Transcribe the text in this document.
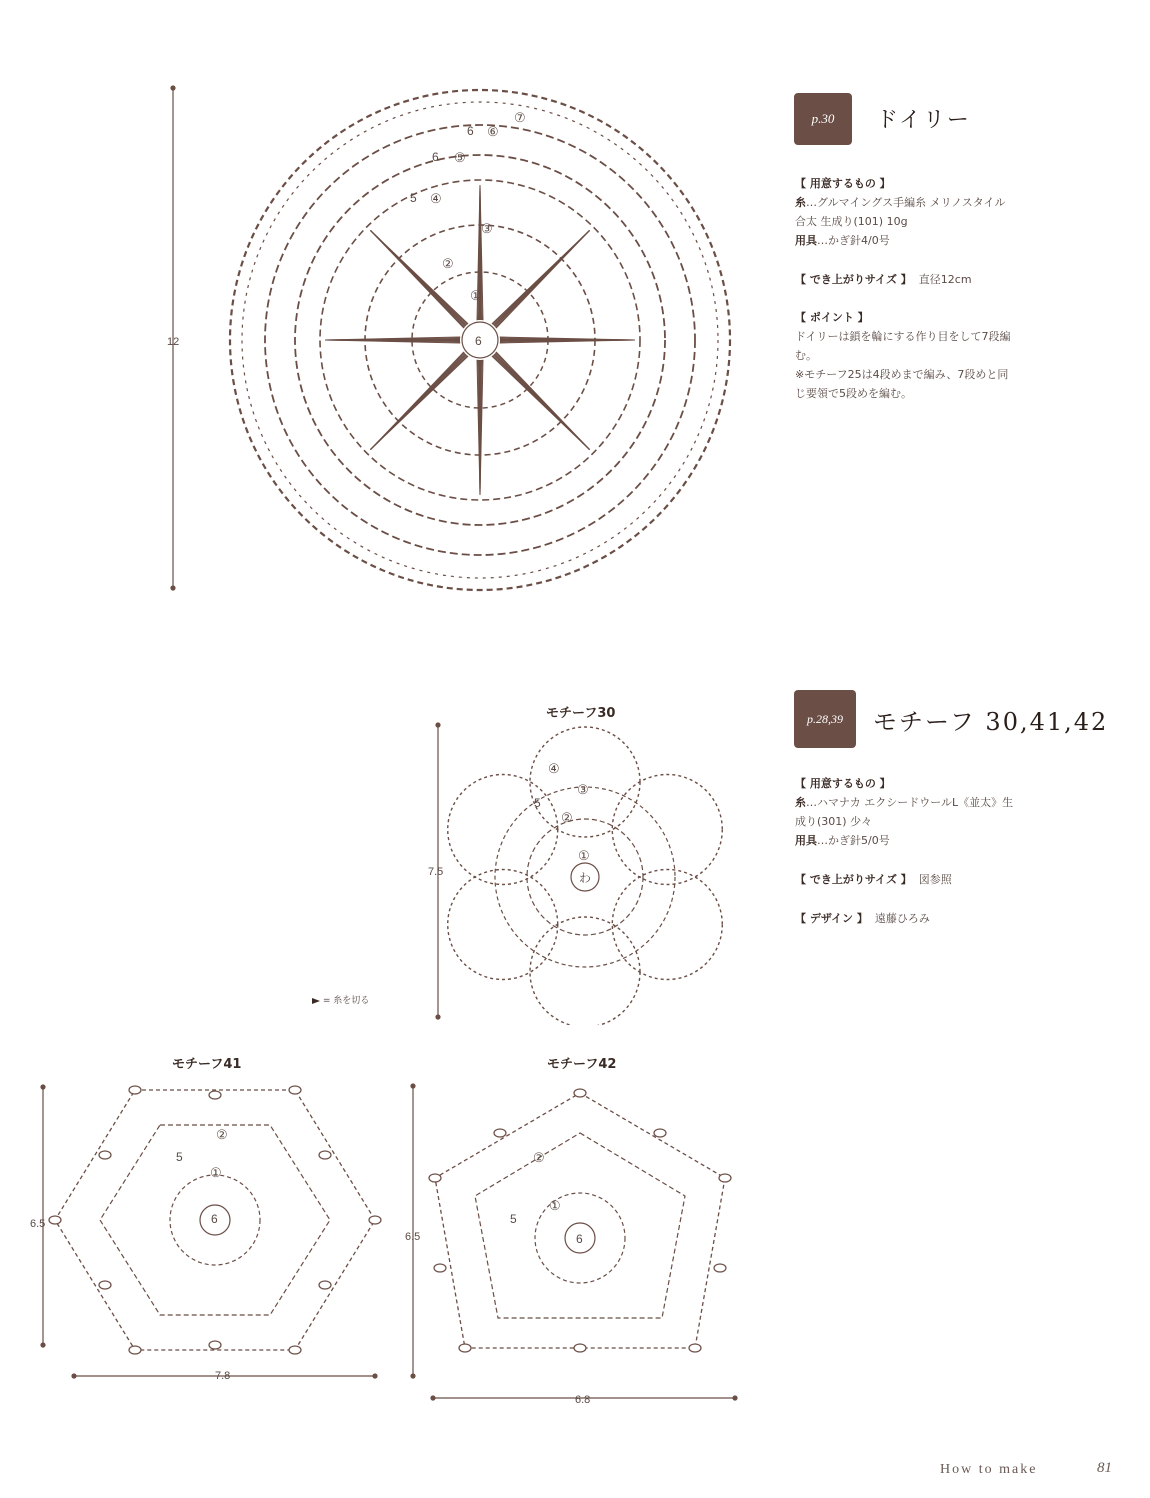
12	6
①
②
③
④
⑤
⑥
⑦
5
6
6
p.30	ドイリー
【 用意するもの 】
糸…グルマイングス手編糸 メリノスタイル
合太 生成り(101) 10g
用具…かぎ針4/0号
【 でき上がりサイズ 】 直径12cm
【 ポイント 】
ドイリーは鎖を輪にする作り目をして7段編
む。
※モチーフ25は4段めまで編み、7段めと同
じ要領で5段めを編む。
p.28,39	モチーフ 30,41,42
【 用意するもの 】
糸…ハマナカ エクシードウールL《並太》生
成り(301) 少々
用具…かぎ針5/0号
【 でき上がりサイズ 】 図参照
【 デザイン 】 遠藤ひろみ
モチーフ30
7.5	わ
5
①
②
③
④
= 糸を切る
モチーフ41
6.5
7.8
6
5
①
②
モチーフ42
6.5
6.8
6
5
①
②
How to make	81
